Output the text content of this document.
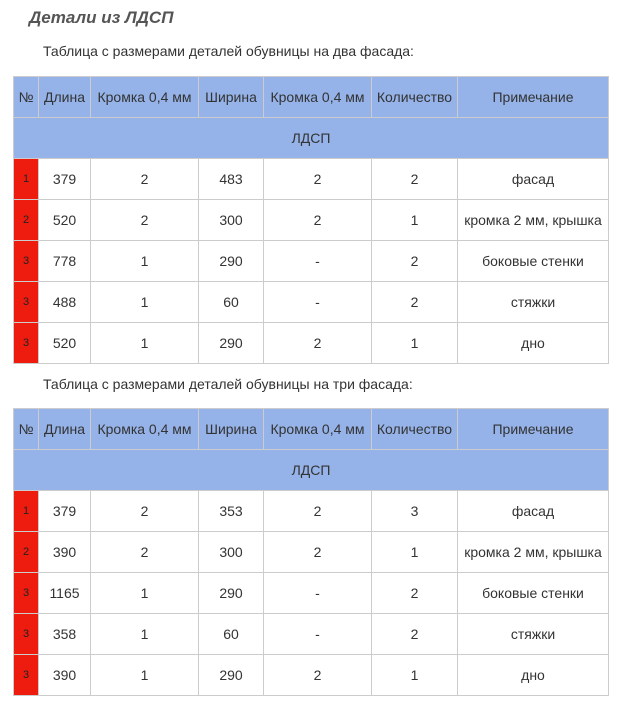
Детали из ЛДСП

Таблица с размерами деталей обувницы на два фасада:

№	Длина	Кромка 0,4 мм	Ширина	Кромка 0,4 мм	Количество	Примечание
ЛДСП						
1	379	2	483	2	2	фасад
2	520	2	300	2	1	кромка 2 мм, крышка
3	778	1	290	-	2	боковые стенки
3	488	1	60	-	2	стяжки
3	520	1	290	2	1	дно

Таблица с размерами деталей обувницы на три фасада:

№	Длина	Кромка 0,4 мм	Ширина	Кромка 0,4 мм	Количество	Примечание
ЛДСП						
1	379	2	353	2	3	фасад
2	390	2	300	2	1	кромка 2 мм, крышка
3	1165	1	290	-	2	боковые стенки
3	358	1	60	-	2	стяжки
3	390	1	290	2	1	дно
